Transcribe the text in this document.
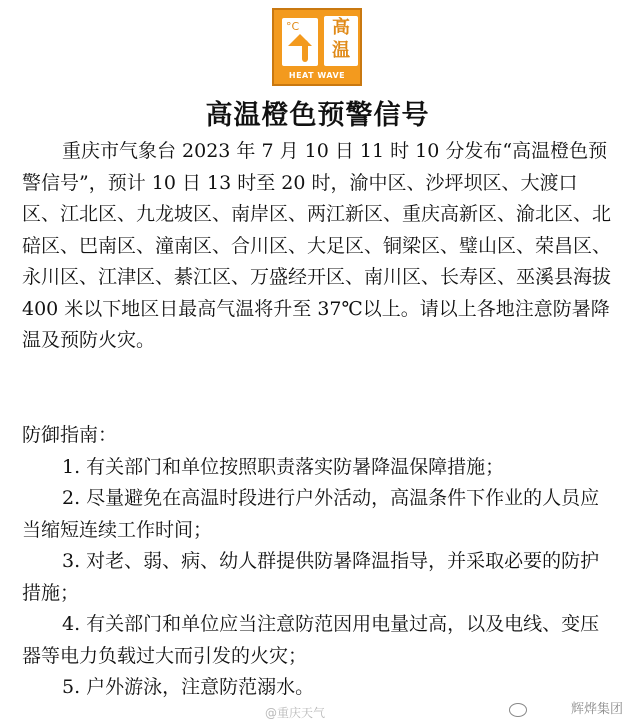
°C	高温
HEAT WAVE
高温橙色预警信号

重庆市气象台 2023 年 7 月 10 日 11 时 10 分发布“高温橙色预警信号”，预计 10 日 13 时至 20 时，渝中区、沙坪坝区、大渡口区、江北区、九龙坡区、南岸区、两江新区、重庆高新区、渝北区、北碚区、巴南区、潼南区、合川区、大足区、铜梁区、璧山区、荣昌区、永川区、江津区、綦江区、万盛经开区、南川区、长寿区、巫溪县海拔 400 米以下地区日最高气温将升至 37℃以上。请以上各地注意防暑降温及预防火灾。

防御指南：

1. 有关部门和单位按照职责落实防暑降温保障措施；

2. 尽量避免在高温时段进行户外活动，高温条件下作业的人员应当缩短连续工作时间；

3. 对老、弱、病、幼人群提供防暑降温指导，并采取必要的防护措施；

4. 有关部门和单位应当注意防范因用电量过高，以及电线、变压器等电力负载过大而引发的火灾；

5. 户外游泳，注意防范溺水。

@重庆天气	辉烨集团
